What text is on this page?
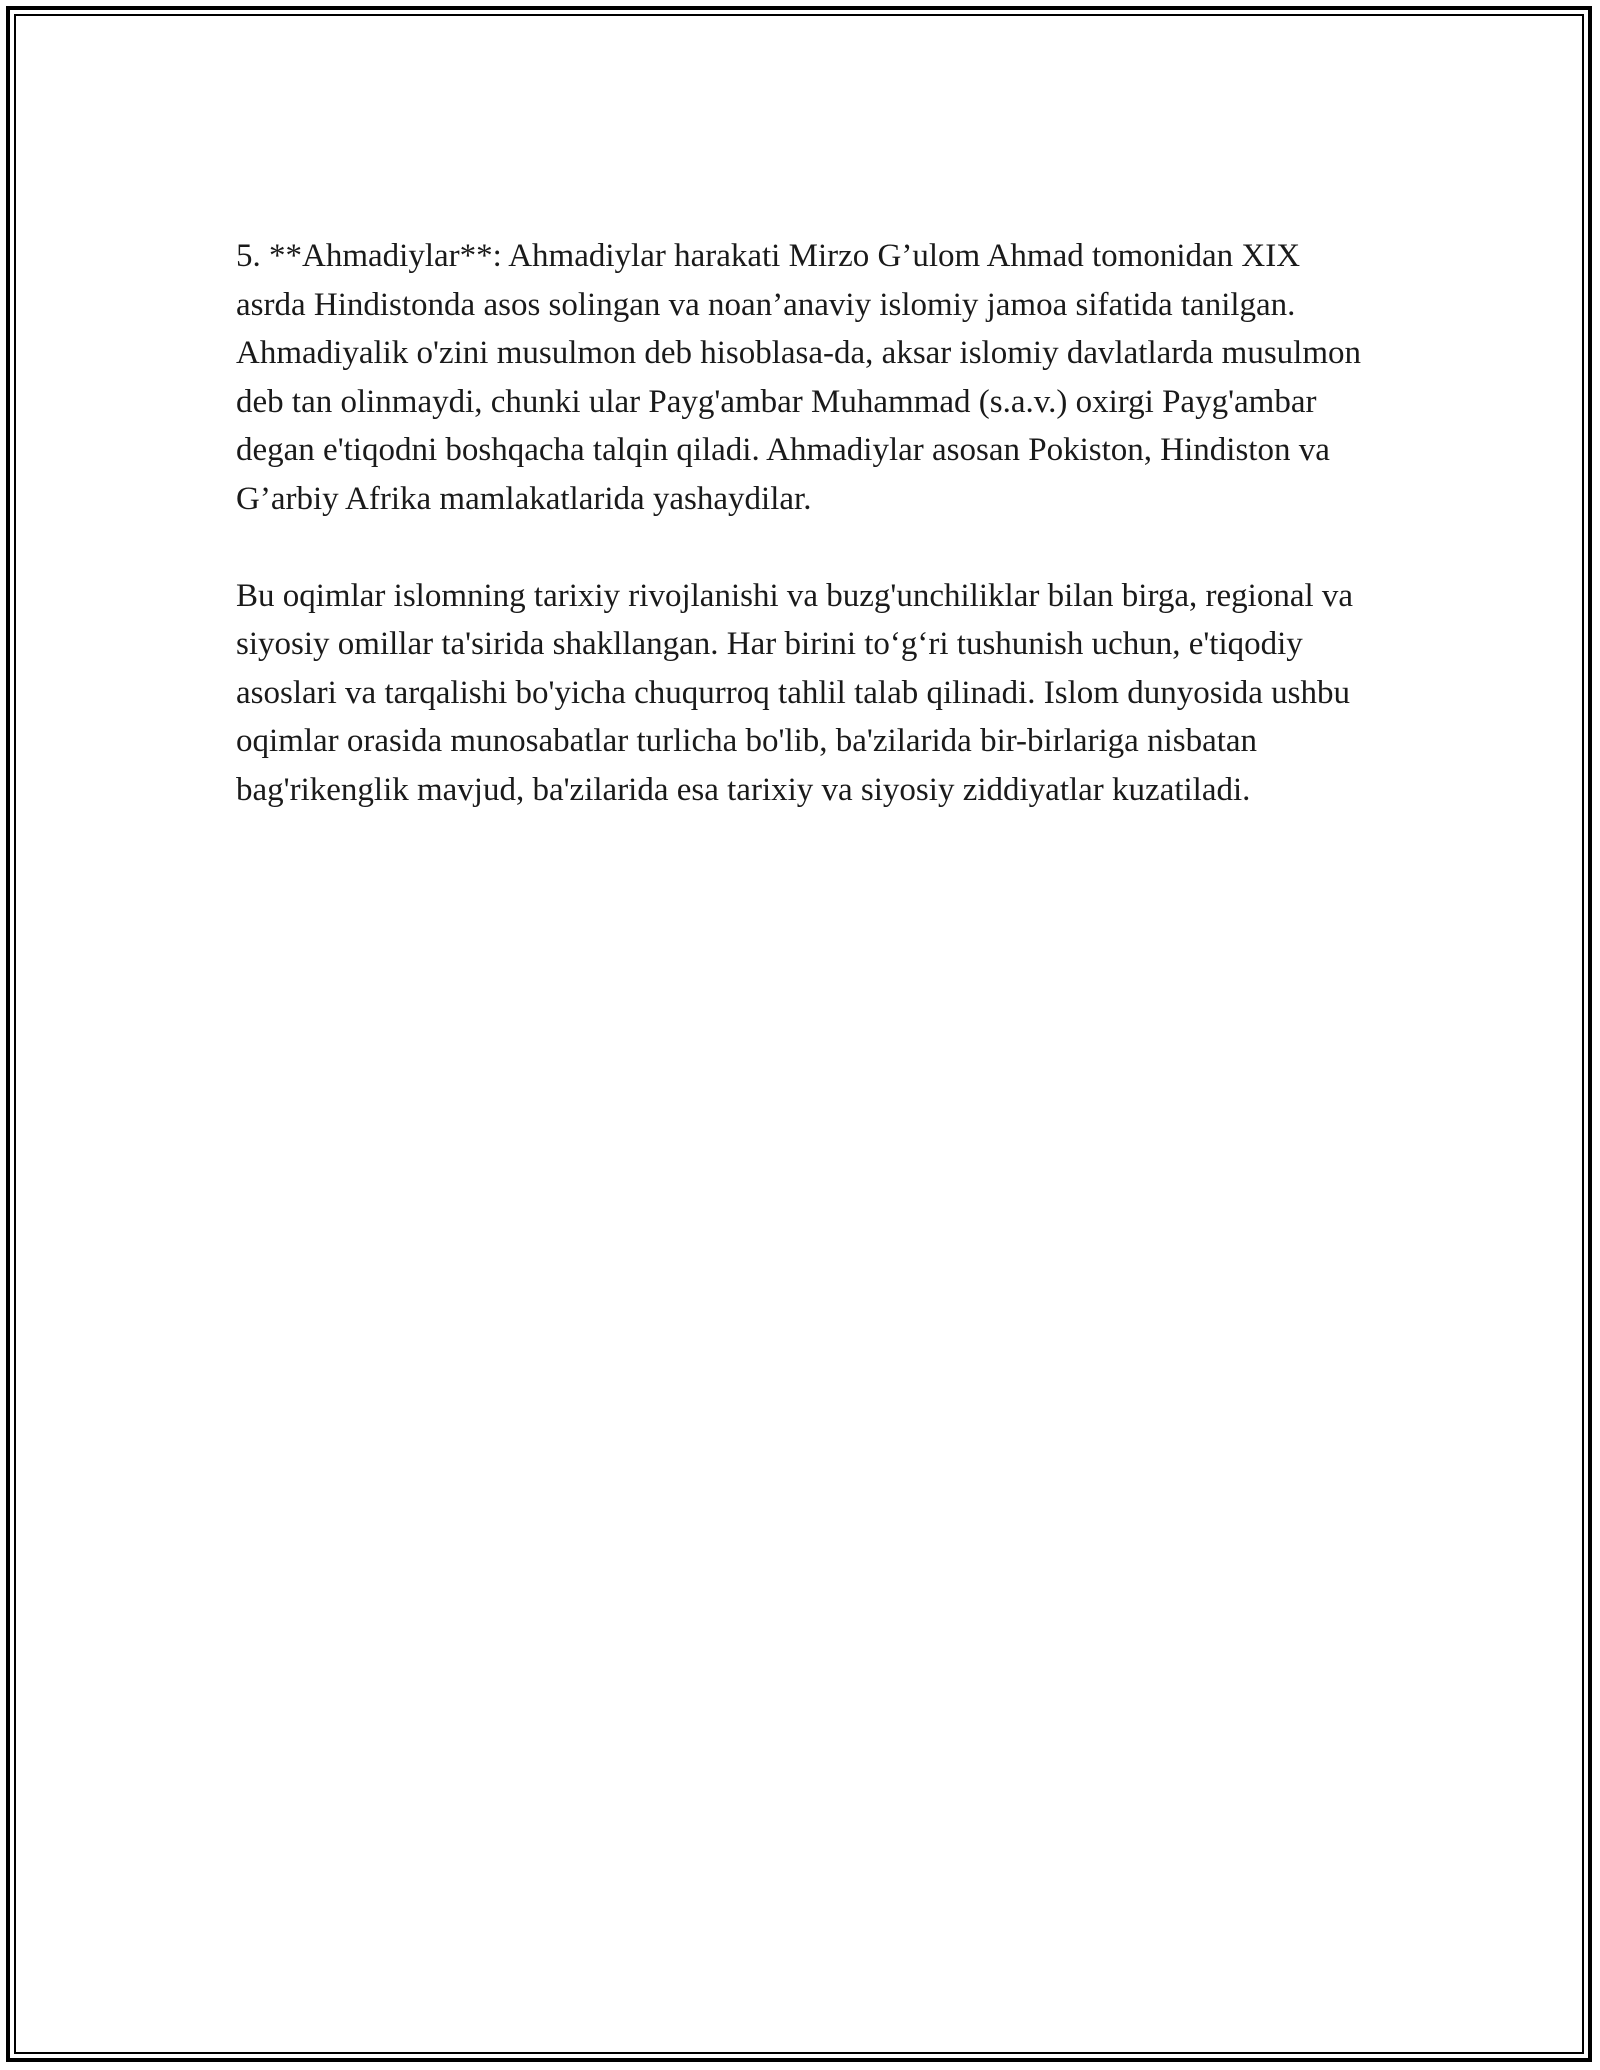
5. **Ahmadiylar**: Ahmadiylar harakati Mirzo G’ulom Ahmad tomonidan XIX asrda Hindistonda asos solingan va noan’anaviy islomiy jamoa sifatida tanilgan. Ahmadiyalik o'zini musulmon deb hisoblasa-da, aksar islomiy davlatlarda musulmon deb tan olinmaydi, chunki ular Payg'ambar Muhammad (s.a.v.) oxirgi Payg'ambar degan e'tiqodni boshqacha talqin qiladi. Ahmadiylar asosan Pokiston, Hindiston va G’arbiy Afrika mamlakatlarida yashaydilar.

Bu oqimlar islomning tarixiy rivojlanishi va buzg'unchiliklar bilan birga, regional va siyosiy omillar ta'sirida shakllangan. Har birini to‘g‘ri tushunish uchun, e'tiqodiy asoslari va tarqalishi bo'yicha chuqurroq tahlil talab qilinadi. Islom dunyosida ushbu oqimlar orasida munosabatlar turlicha bo'lib, ba'zilarida bir-birlariga nisbatan bag'rikenglik mavjud, ba'zilarida esa tarixiy va siyosiy ziddiyatlar kuzatiladi.
